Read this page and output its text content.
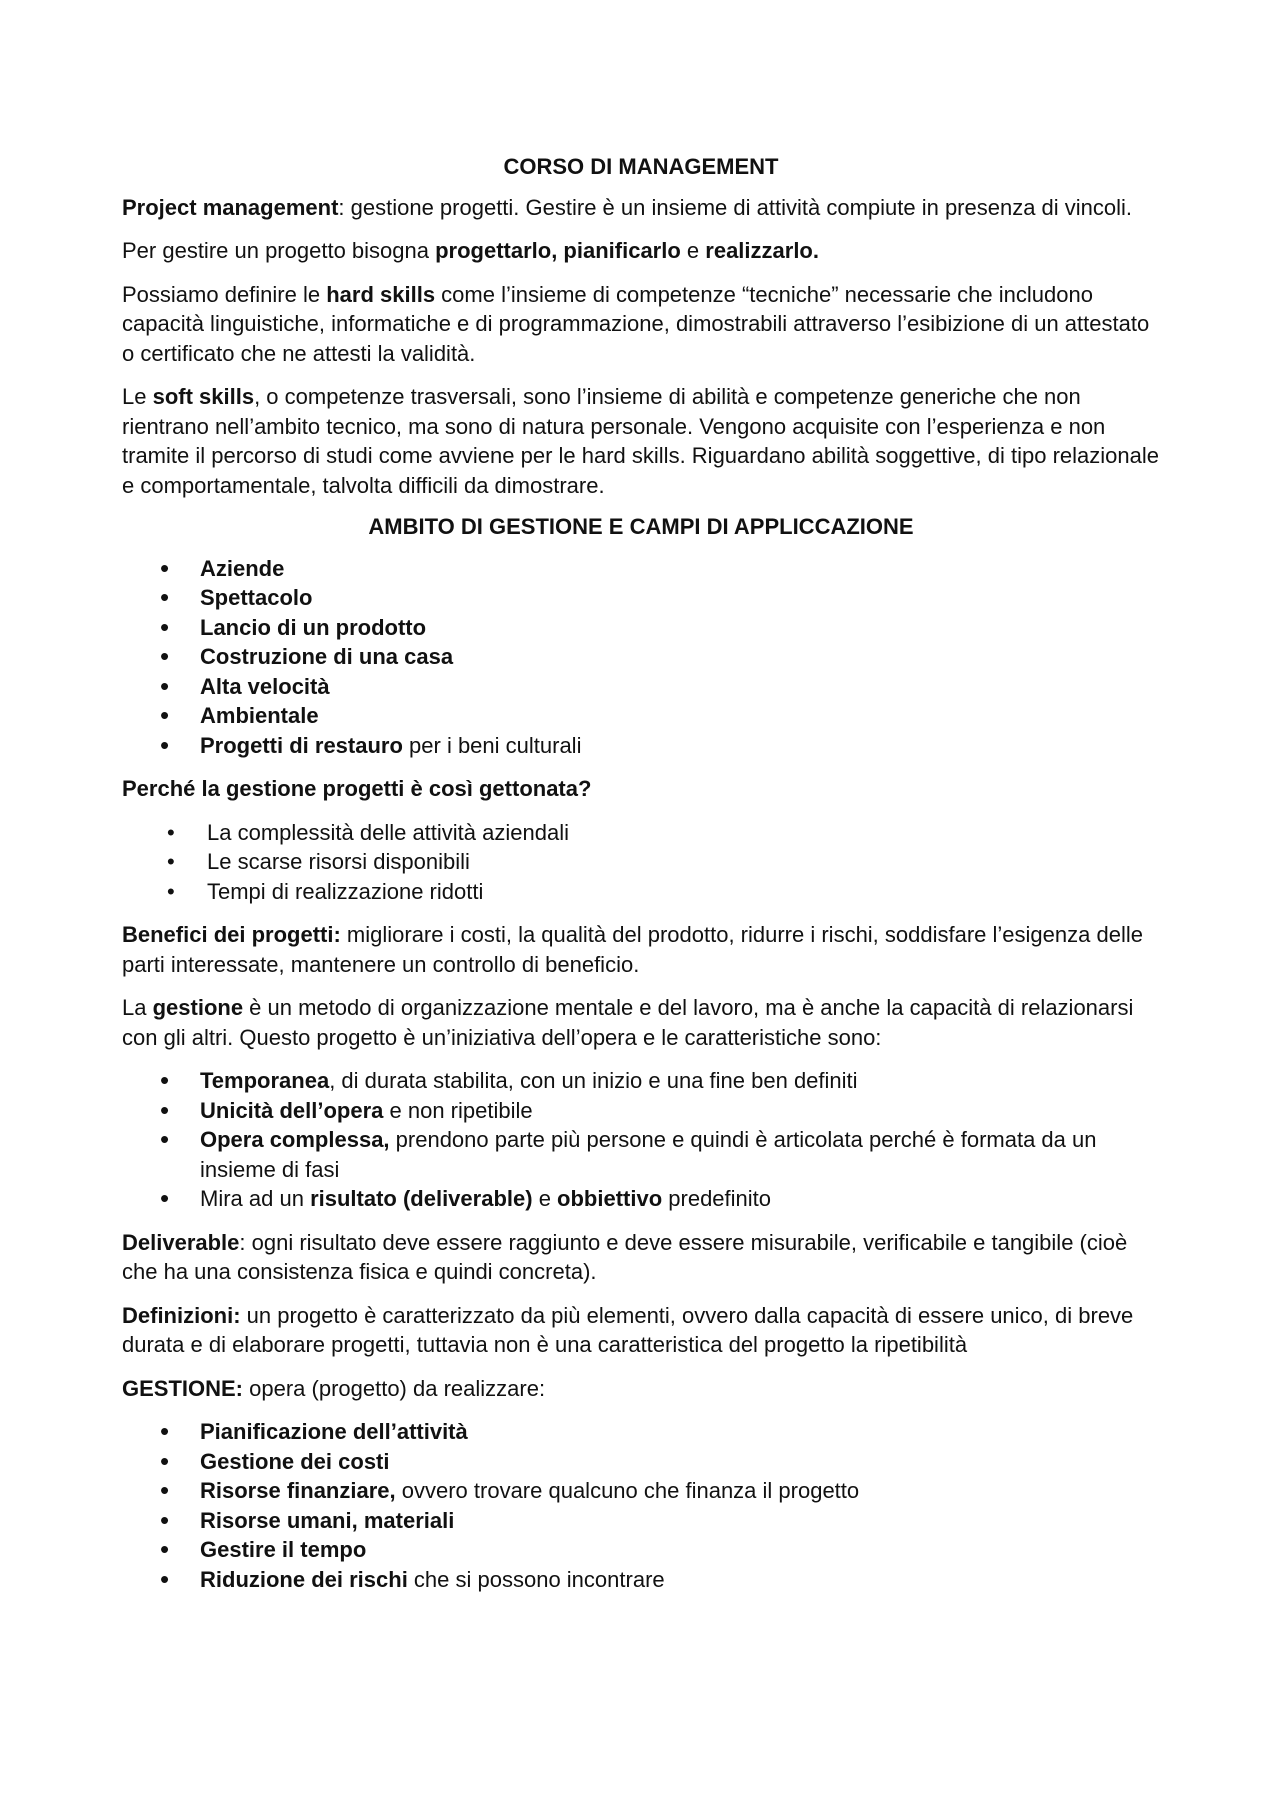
CORSO DI MANAGEMENT

Project management: gestione progetti. Gestire è un insieme di attività compiute in presenza di vincoli.

Per gestire un progetto bisogna progettarlo, pianificarlo e realizzarlo.

Possiamo definire le hard skills come l’insieme di competenze “tecniche” necessarie che includono capacità linguistiche, informatiche e di programmazione, dimostrabili attraverso l’esibizione di un attestato o certificato che ne attesti la validità.

Le soft skills, o competenze trasversali, sono l’insieme di abilità e competenze generiche che non rientrano nell’ambito tecnico, ma sono di natura personale. Vengono acquisite con l’esperienza e non tramite il percorso di studi come avviene per le hard skills. Riguardano abilità soggettive, di tipo relazionale e comportamentale, talvolta difficili da dimostrare.

AMBITO DI GESTIONE E CAMPI DI APPLICCAZIONE
• Aziende
• Spettacolo
• Lancio di un prodotto
• Costruzione di una casa
• Alta velocità
• Ambientale
• Progetti di restauro per i beni culturali

Perché la gestione progetti è così gettonata?

• La complessità delle attività aziendali
• Le scarse risorsi disponibili
• Tempi di realizzazione ridotti

Benefici dei progetti: migliorare i costi, la qualità del prodotto, ridurre i rischi, soddisfare l’esigenza delle parti interessate, mantenere un controllo di beneficio.

La gestione è un metodo di organizzazione mentale e del lavoro, ma è anche la capacità di relazionarsi con gli altri. Questo progetto è un’iniziativa dell’opera e le caratteristiche sono:

• Temporanea, di durata stabilita, con un inizio e una fine ben definiti
• Unicità dell’opera e non ripetibile
• Opera complessa, prendono parte più persone e quindi è articolata perché è formata da un insieme di fasi
• Mira ad un risultato (deliverable) e obbiettivo predefinito

Deliverable: ogni risultato deve essere raggiunto e deve essere misurabile, verificabile e tangibile (cioè che ha una consistenza fisica e quindi concreta).

Definizioni: un progetto è caratterizzato da più elementi, ovvero dalla capacità di essere unico, di breve durata e di elaborare progetti, tuttavia non è una caratteristica del progetto la ripetibilità

GESTIONE: opera (progetto) da realizzare:

• Pianificazione dell’attività
• Gestione dei costi
• Risorse finanziare, ovvero trovare qualcuno che finanza il progetto
• Risorse umani, materiali
• Gestire il tempo
• Riduzione dei rischi che si possono incontrare
